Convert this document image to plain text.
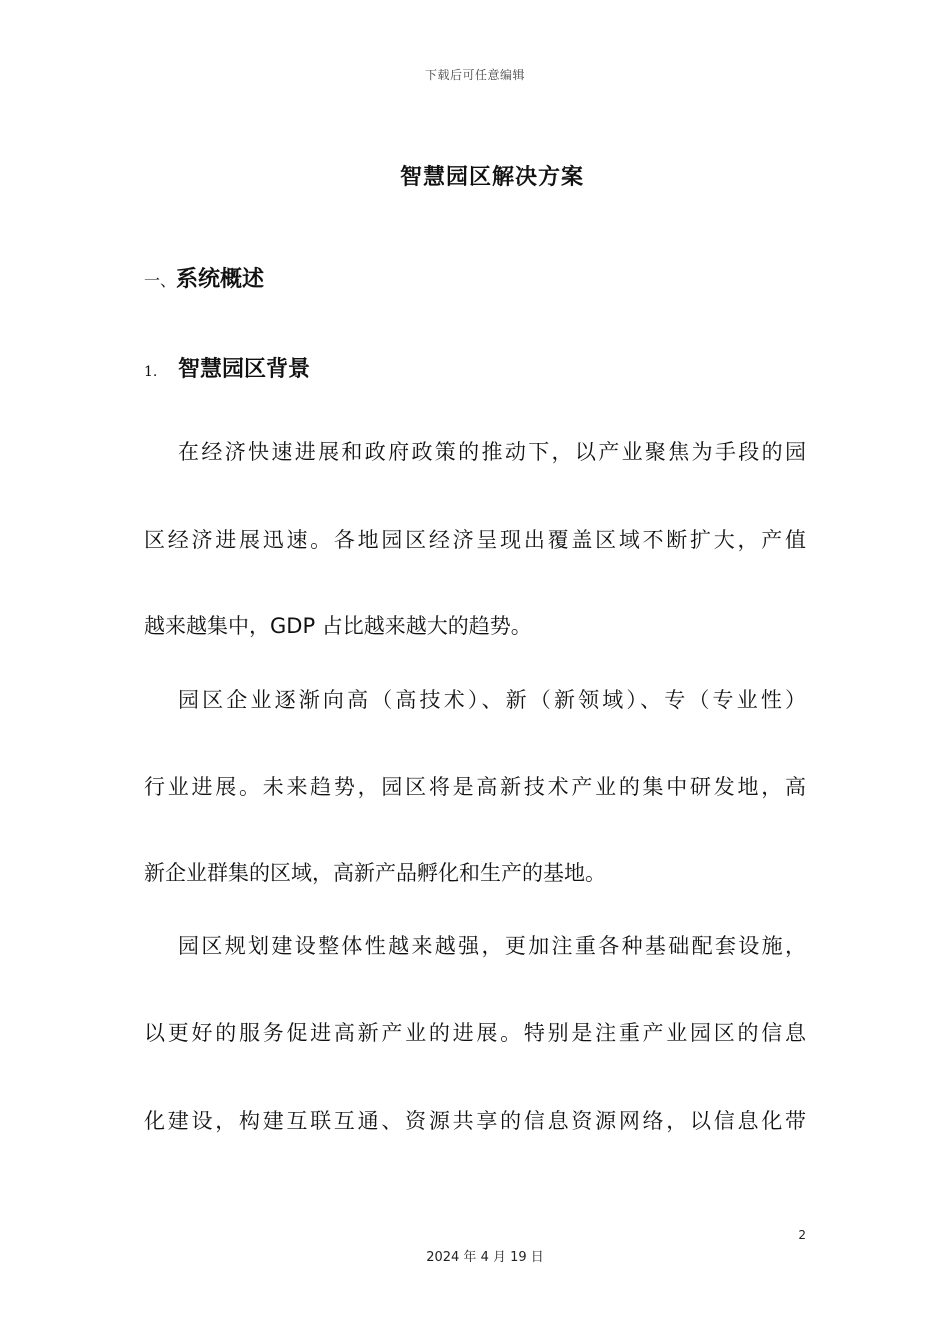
下载后可任意编辑
智慧园区解决方案
一、系统概述
1. 智慧园区背景
在经济快速进展和政府政策的推动下，以产业聚焦为手段的园
区经济进展迅速。各地园区经济呈现出覆盖区域不断扩大，产值
越来越集中，GDP 占比越来越大的趋势。
园区企业逐渐向高（高技术）、新（新领域）、专（专业性）
行业进展。未来趋势，园区将是高新技术产业的集中研发地，高
新企业群集的区域，高新产品孵化和生产的基地。
园区规划建设整体性越来越强，更加注重各种基础配套设施，
以更好的服务促进高新产业的进展。特别是注重产业园区的信息
化建设，构建互联互通、资源共享的信息资源网络，以信息化带
2
2024 年 4 月 19 日
